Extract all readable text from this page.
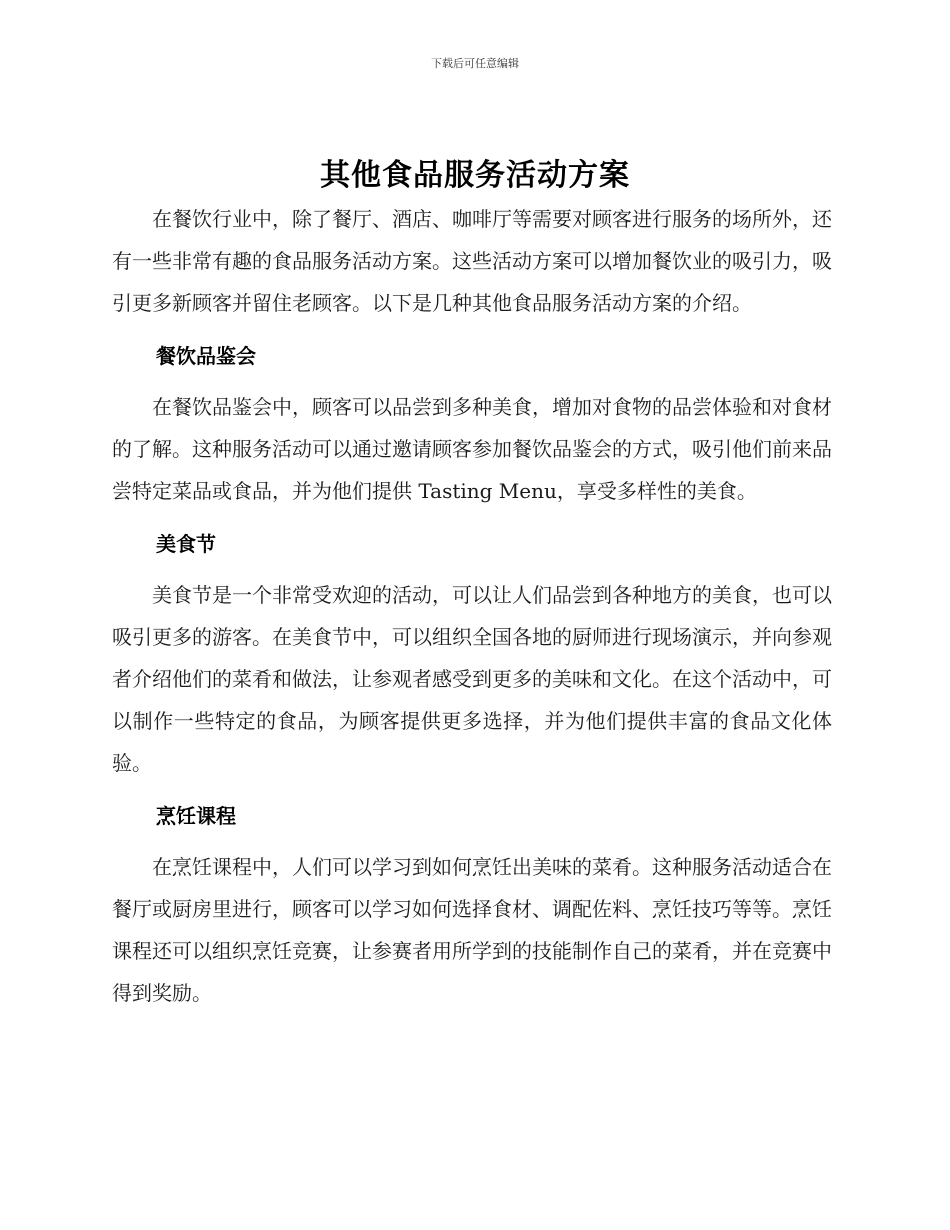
下载后可任意编辑
其他食品服务活动方案

在餐饮行业中，除了餐厅、酒店、咖啡厅等需要对顾客进行服务的场所外，还有一些非常有趣的食品服务活动方案。这些活动方案可以增加餐饮业的吸引力，吸引更多新顾客并留住老顾客。以下是几种其他食品服务活动方案的介绍。

餐饮品鉴会

在餐饮品鉴会中，顾客可以品尝到多种美食，增加对食物的品尝体验和对食材的了解。这种服务活动可以通过邀请顾客参加餐饮品鉴会的方式，吸引他们前来品尝特定菜品或食品，并为他们提供 Tasting Menu，享受多样性的美食。

美食节

美食节是一个非常受欢迎的活动，可以让人们品尝到各种地方的美食，也可以吸引更多的游客。在美食节中，可以组织全国各地的厨师进行现场演示，并向参观者介绍他们的菜肴和做法，让参观者感受到更多的美味和文化。在这个活动中，可以制作一些特定的食品，为顾客提供更多选择，并为他们提供丰富的食品文化体验。

烹饪课程

在烹饪课程中，人们可以学习到如何烹饪出美味的菜肴。这种服务活动适合在餐厅或厨房里进行，顾客可以学习如何选择食材、调配佐料、烹饪技巧等等。烹饪课程还可以组织烹饪竞赛，让参赛者用所学到的技能制作自己的菜肴，并在竞赛中得到奖励。
